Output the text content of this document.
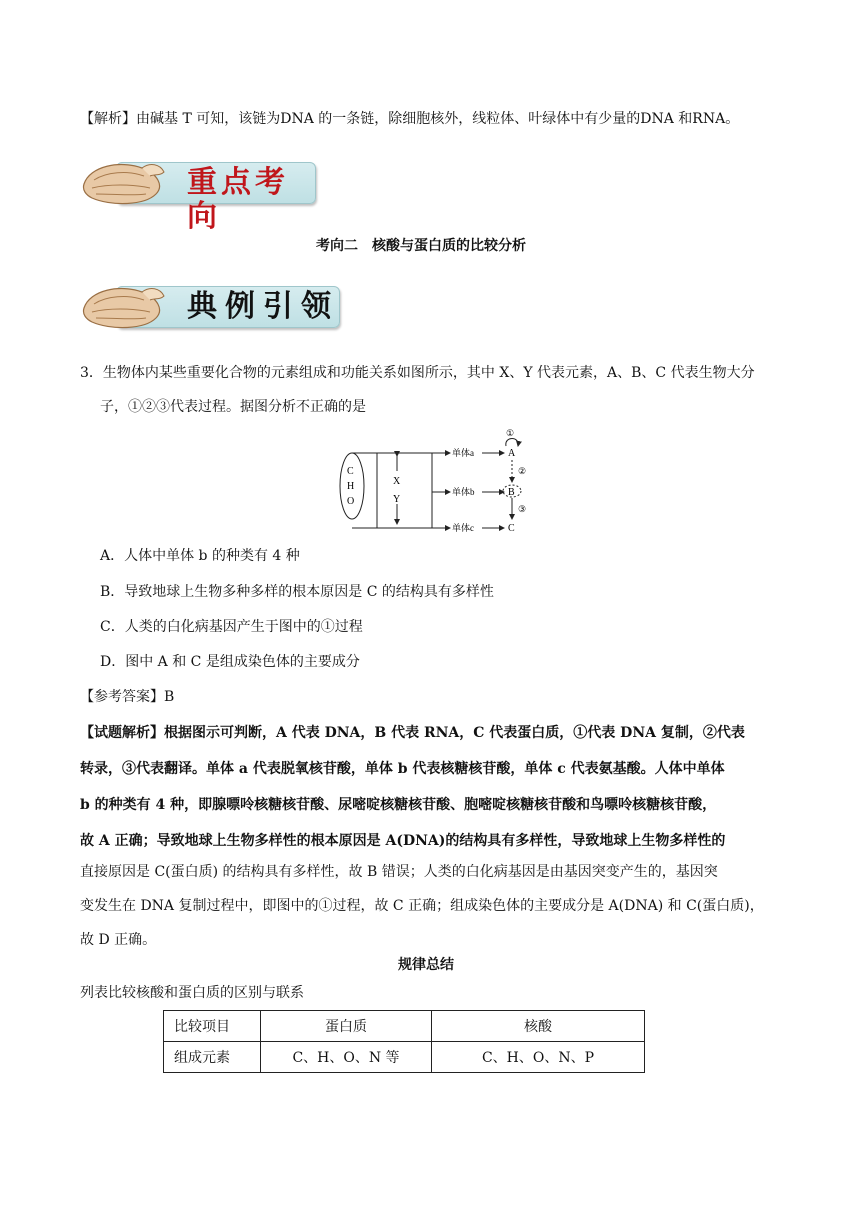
【解析】由碱基 T 可知，该链为DNA 的一条链，除细胞核外，线粒体、叶绿体中有少量的DNA 和RNA。
重点考向
考向二　核酸与蛋白质的比较分析
典例引领
3．生物体内某些重要化合物的元素组成和功能关系如图所示，其中 X、Y 代表元素，A、B、C 代表生物大分
子，①②③代表过程。据图分析不正确的是
C
H
O
X
Y
单体a
单体b
单体c
A
B
C
①
②
③
A．人体中单体 b 的种类有 4 种
B．导致地球上生物多种多样的根本原因是 C 的结构具有多样性
C．人类的白化病基因产生于图中的①过程
D．图中 A 和 C 是组成染色体的主要成分
【参考答案】B
【试题解析】根据图示可判断，A 代表 DNA，B 代表 RNA，C 代表蛋白质，①代表 DNA 复制，②代表
转录，③代表翻译。单体 a 代表脱氧核苷酸，单体 b 代表核糖核苷酸，单体 c 代表氨基酸。人体中单体
b 的种类有 4 种，即腺嘌呤核糖核苷酸、尿嘧啶核糖核苷酸、胞嘧啶核糖核苷酸和鸟嘌呤核糖核苷酸，
故 A 正确；导致地球上生物多样性的根本原因是 A(DNA)的结构具有多样性，导致地球上生物多样性的
直接原因是 C(蛋白质) 的结构具有多样性，故 B 错误；人类的白化病基因是由基因突变产生的，基因突
变发生在 DNA 复制过程中，即图中的①过程，故 C 正确；组成染色体的主要成分是 A(DNA) 和 C(蛋白质)，
故 D 正确。
规律总结
列表比较核酸和蛋白质的区别与联系
比较项目	蛋白质	核酸
组成元素	C、H、O、N 等	C、H、O、N、P
